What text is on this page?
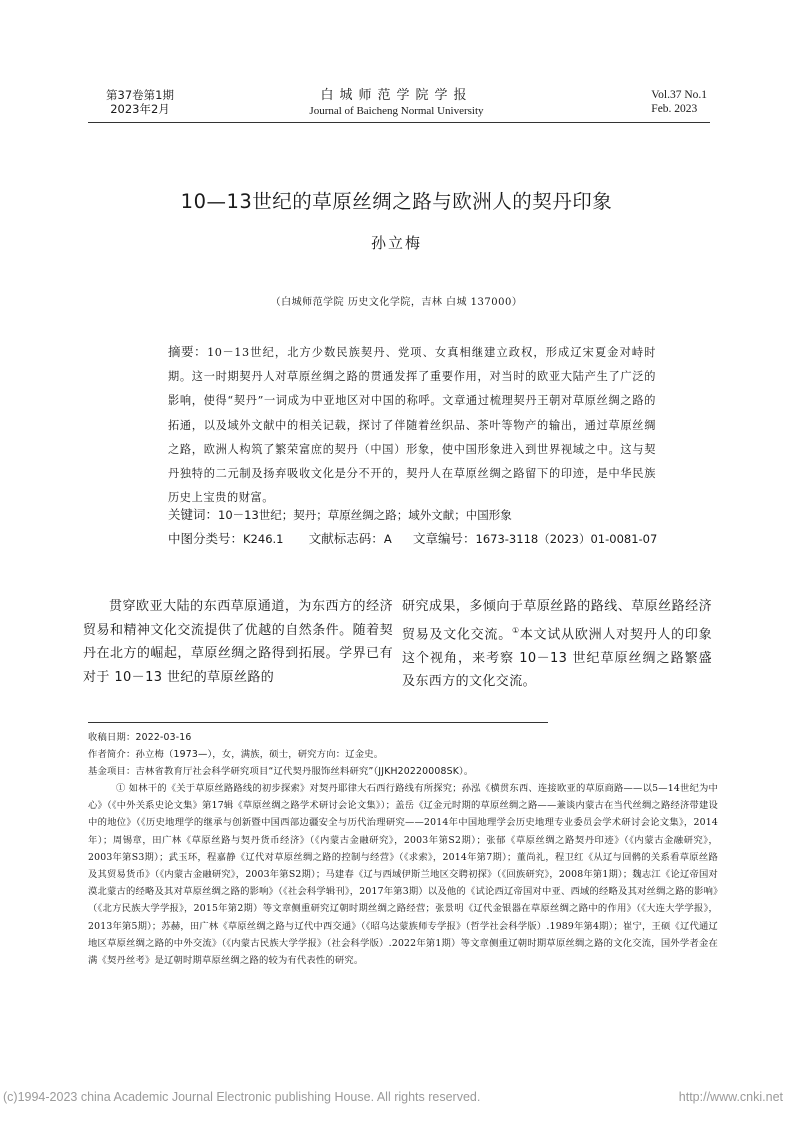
第37卷第1期
2023年2月
白城师范学院学报
Journal of Baicheng Normal University
Vol.37 No.1
Feb. 2023
10—13世纪的草原丝绸之路与欧洲人的契丹印象
孙立梅
（白城师范学院 历史文化学院，吉林 白城 137000）
摘要：10－13世纪，北方少数民族契丹、党项、女真相继建立政权，形成辽宋夏金对峙时期。这一时期契丹人对草原丝绸之路的贯通发挥了重要作用，对当时的欧亚大陆产生了广泛的影响，使得“契丹”一词成为中亚地区对中国的称呼。文章通过梳理契丹王朝对草原丝绸之路的拓通，以及域外文献中的相关记载，探讨了伴随着丝织品、茶叶等物产的输出，通过草原丝绸之路，欧洲人构筑了繁荣富庶的契丹（中国）形象，使中国形象进入到世界视域之中。这与契丹独特的二元制及扬弃吸收文化是分不开的，契丹人在草原丝绸之路留下的印迹，是中华民族历史上宝贵的财富。
关键词：10－13世纪；契丹；草原丝绸之路；域外文献；中国形象
中图分类号：K246.1 文献标志码：A 文章编号：1673-3118（2023）01-0081-07
贯穿欧亚大陆的东西草原通道，为东西方的经济贸易和精神文化交流提供了优越的自然条件。随着契丹在北方的崛起，草原丝绸之路得到拓展。学界已有对于 10－13 世纪的草原丝路的
研究成果，多倾向于草原丝路的路线、草原丝路经济贸易及文化交流。①本文试从欧洲人对契丹人的印象这个视角，来考察 10－13 世纪草原丝绸之路繁盛及东西方的文化交流。
收稿日期：2022-03-16
作者简介：孙立梅（1973—），女，满族，硕士，研究方向：辽金史。
基金项目：吉林省教育厅社会科学研究项目“辽代契丹服饰丝料研究”（JJKH20220008SK）。
① 如林干的《关于草原丝路路线的初步探索》对契丹耶律大石西行路线有所探究；孙泓《横贯东西、连接欧亚的草原商路——以5—14世纪为中心》（《中外关系史论文集》第17辑《草原丝绸之路学术研讨会论文集》）；盖岳《辽金元时期的草原丝绸之路——兼谈内蒙古在当代丝绸之路经济带建设中的地位》（《历史地理学的继承与创新暨中国西部边疆安全与历代治理研究——2014年中国地理学会历史地理专业委员会学术研讨会论文集》，2014年）；周锡章，田广林《草原丝路与契丹货币经济》（《内蒙古金融研究》，2003年第S2期）；张郁《草原丝绸之路契丹印迹》（《内蒙古金融研究》，2003年第S3期）；武玉环，程嘉静《辽代对草原丝绸之路的控制与经营》（《求索》，2014年第7期）；董尚礼，程卫红《从辽与回鹘的关系看草原丝路及其贸易货币》（《内蒙古金融研究》，2003年第S2期）；马建春《辽与西域伊斯兰地区交聘初探》（《回族研究》，2008年第1期）；魏志江《论辽帝国对漠北蒙古的经略及其对草原丝绸之路的影响》（《社会科学辑刊》，2017年第3期）以及他的《试论西辽帝国对中亚、西域的经略及其对丝绸之路的影响》（《北方民族大学学报》，2015年第2期）等文章侧重研究辽朝时期丝绸之路经营；张景明《辽代金银器在草原丝绸之路中的作用》（《大连大学学报》，2013年第5期）；苏赫，田广林《草原丝绸之路与辽代中西交通》（《昭乌达蒙族师专学报》（哲学社会科学版）.1989年第4期）；崔宁，王硕《辽代通辽地区草原丝绸之路的中外交流》（《内蒙古民族大学学报》（社会科学版）.2022年第1期）等文章侧重辽朝时期草原丝绸之路的文化交流，国外学者金在满《契丹丝考》是辽朝时期草原丝绸之路的较为有代表性的研究。
(c)1994-2023 china Academic Journal Electronic publishing House. All rights reserved.	http://www.cnki.net
